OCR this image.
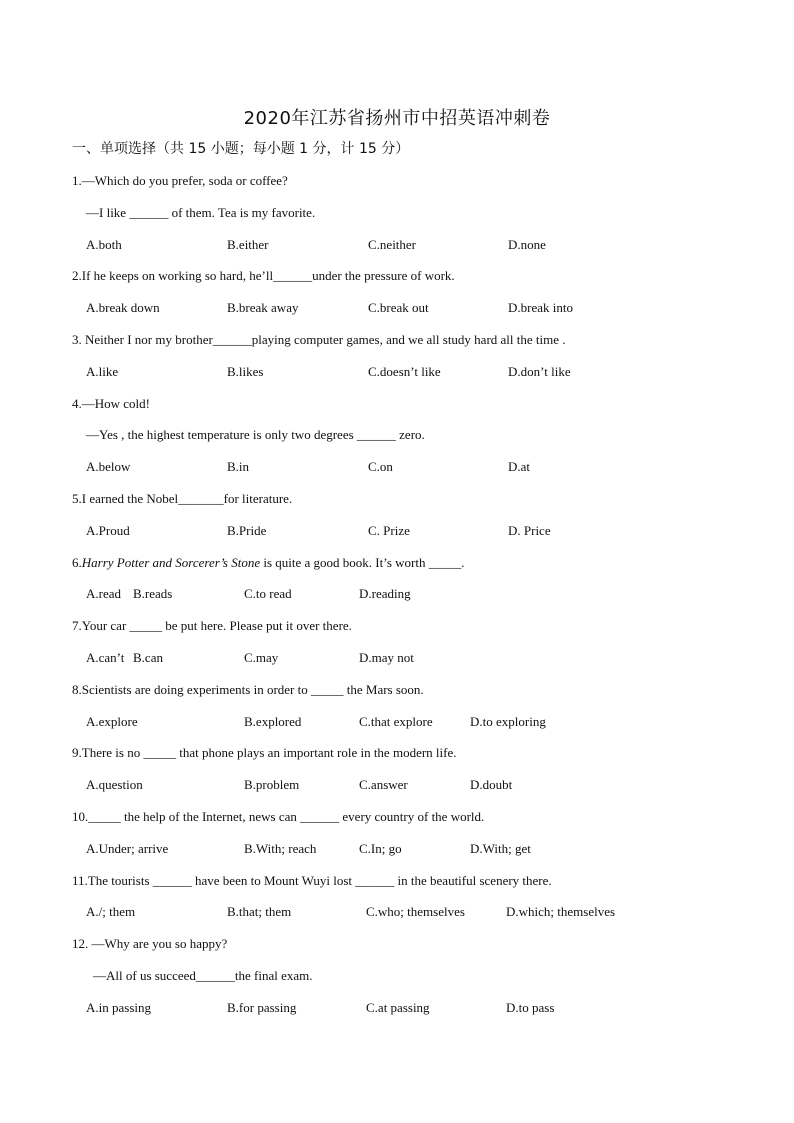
2020年江苏省扬州市中招英语冲刺卷
一、单项选择（共 15 小题；每小题 1 分，计 15 分）
1.—Which do you prefer, soda or coffee?
—I like ______ of them. Tea is my favorite.
A.both	B.either	C.neither	D.none
2.If he keeps on working so hard, he’ll______under the pressure of work.
A.break down	B.break away	C.break out	D.break into
3. Neither I nor my brother______playing computer games, and we all study hard all the time .
A.like	B.likes	C.doesn’t like	D.don’t like
4.—How cold!
—Yes , the highest temperature is only two degrees ______ zero.
A.below	B.in	C.on	D.at
5.I earned the Nobel_______for literature.
A.Proud	B.Pride	C. Prize	D. Price
6.Harry Potter and Sorcerer’s Stone is quite a good book. It’s worth _____.
A.read B.reads	C.to read	D.reading
7.Your car _____ be put here. Please put it over there.
A.can’t B.can	C.may	D.may not
8.Scientists are doing experiments in order to _____ the Mars soon.
A.explore	B.explored	C.that explore	D.to exploring
9.There is no _____ that phone plays an important role in the modern life.
A.question	B.problem	C.answer	D.doubt
10._____ the help of the Internet, news can ______ every country of the world.
A.Under; arrive	B.With; reach	C.In; go	D.With; get
11.The tourists ______ have been to Mount Wuyi lost ______ in the beautiful scenery there.
A./; them	B.that; them	C.who; themselves	D.which; themselves
12. —Why are you so happy?
—All of us succeed______the final exam.
A.in passing	B.for passing	C.at passing	D.to pass
